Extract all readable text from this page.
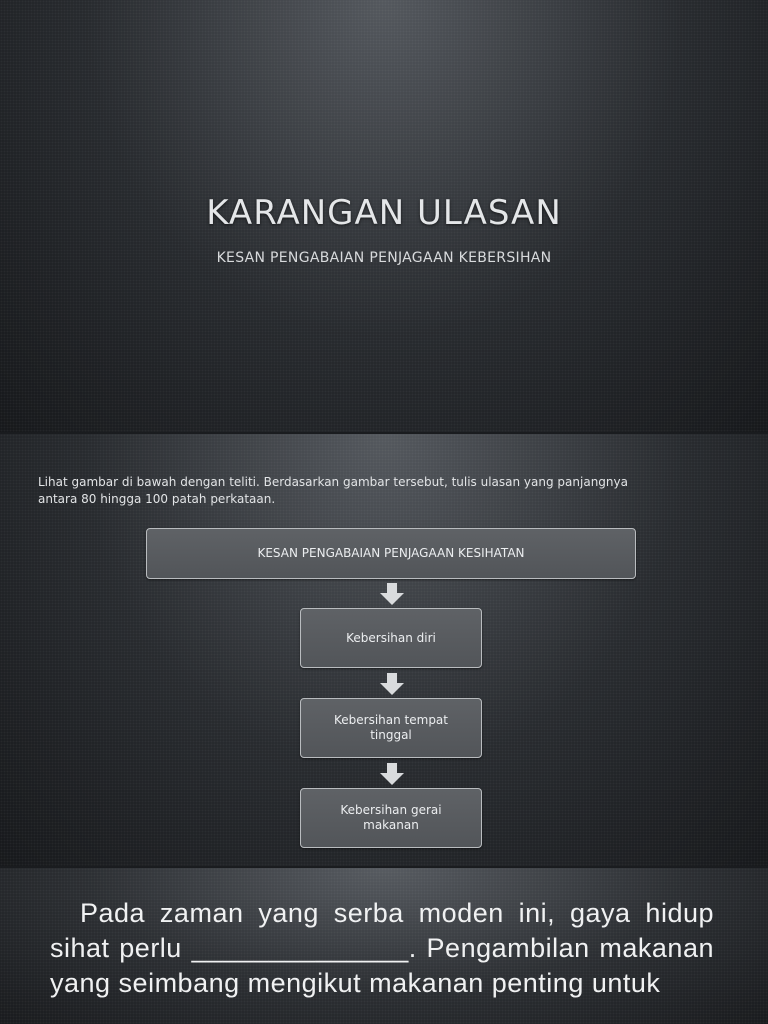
KARANGAN ULASAN

KESAN PENGABAIAN PENJAGAAN KEBERSIHAN

Lihat gambar di bawah dengan teliti. Berdasarkan gambar tersebut, tulis ulasan yang panjangnya antara 80 hingga 100 patah perkataan.

KESAN PENGABAIAN PENJAGAAN KESIHATAN
Kebersihan diri
Kebersihan tempat tinggal
Kebersihan gerai makanan

Pada zaman yang serba moden ini, gaya hidup sihat perlu ______________. Pengambilan makanan yang seimbang mengikut makanan penting untuk
